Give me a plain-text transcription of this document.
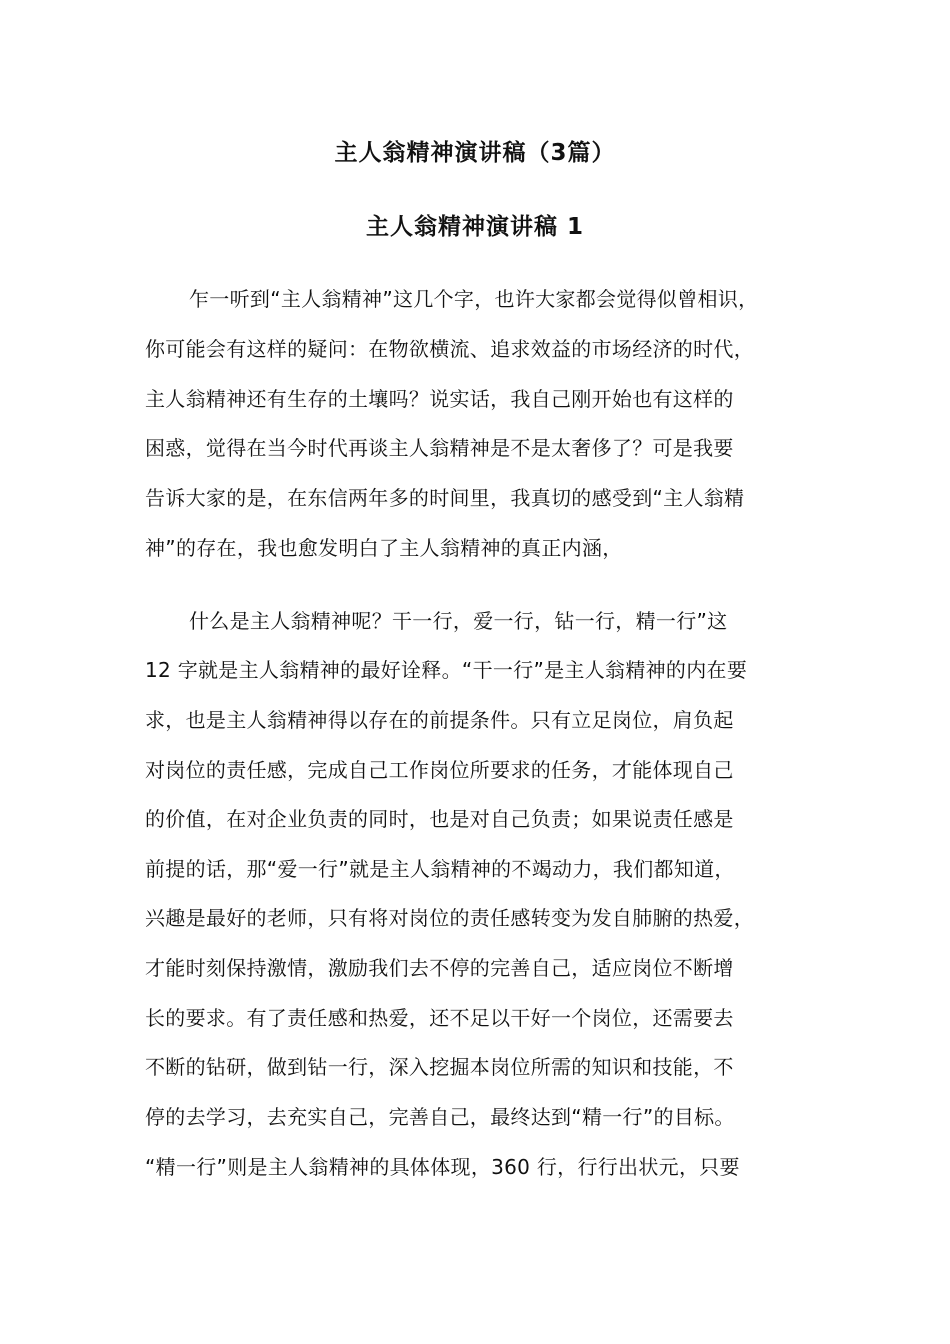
主人翁精神演讲稿（3篇）
主人翁精神演讲稿 1
乍一听到“主人翁精神”这几个字，也许大家都会觉得似曾相识，
你可能会有这样的疑问：在物欲横流、追求效益的市场经济的时代，
主人翁精神还有生存的土壤吗？说实话，我自己刚开始也有这样的
困惑，觉得在当今时代再谈主人翁精神是不是太奢侈了？可是我要
告诉大家的是，在东信两年多的时间里，我真切的感受到“主人翁精
神”的存在，我也愈发明白了主人翁精神的真正内涵，
什么是主人翁精神呢？干一行，爱一行，钻一行，精一行”这
12 字就是主人翁精神的最好诠释。“干一行”是主人翁精神的内在要
求，也是主人翁精神得以存在的前提条件。只有立足岗位，肩负起
对岗位的责任感，完成自己工作岗位所要求的任务，才能体现自己
的价值，在对企业负责的同时，也是对自己负责；如果说责任感是
前提的话，那“爱一行”就是主人翁精神的不竭动力，我们都知道，
兴趣是最好的老师，只有将对岗位的责任感转变为发自肺腑的热爱，
才能时刻保持激情，激励我们去不停的完善自己，适应岗位不断增
长的要求。有了责任感和热爱，还不足以干好一个岗位，还需要去
不断的钻研，做到钻一行，深入挖掘本岗位所需的知识和技能，不
停的去学习，去充实自己，完善自己，最终达到“精一行”的目标。
“精一行”则是主人翁精神的具体体现，360 行，行行出状元，只要
